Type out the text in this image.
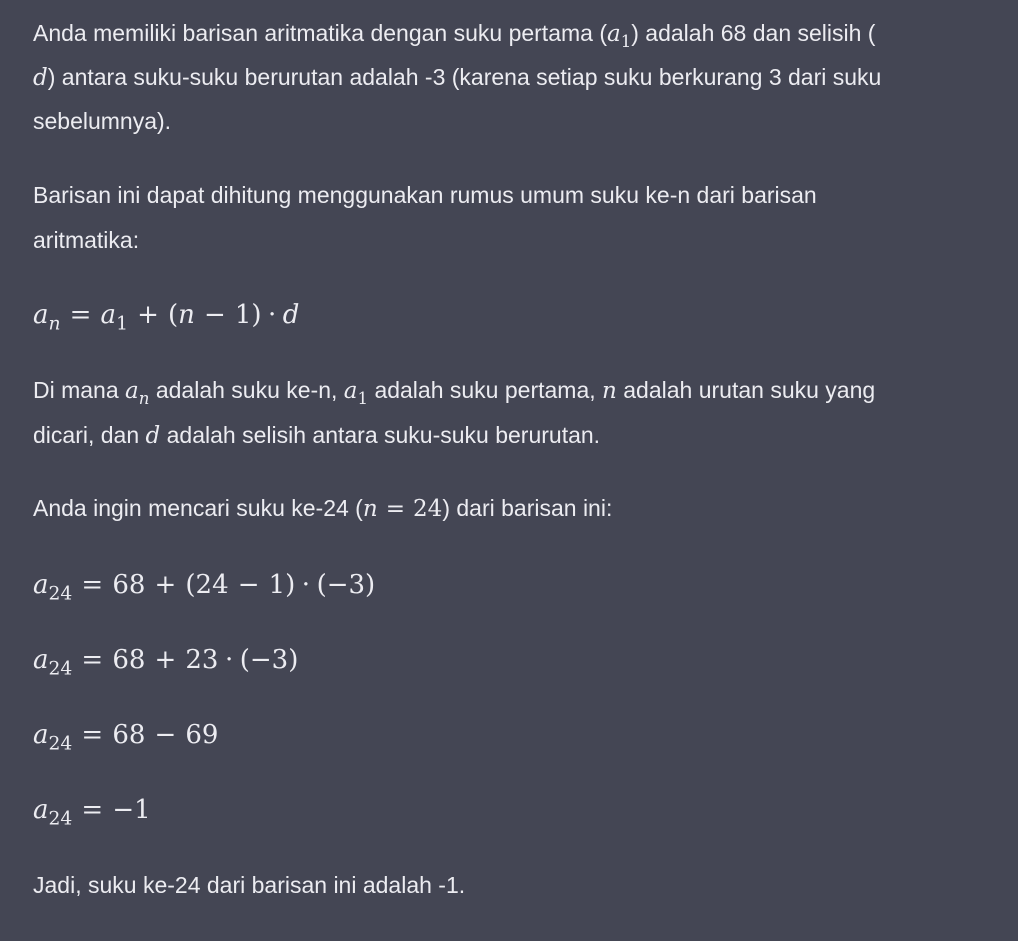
Anda memiliki barisan aritmatika dengan suku pertama $(a_1)$ adalah 68 dan selisih (

d) antara suku-suku berurutan adalah -3 (karena setiap suku berkurang 3 dari suku

sebelumnya).

Barisan ini dapat dihitung menggunakan rumus umum suku ke-n dari barisan

aritmatika:

$a_n = a_1 + (n - 1) \cdot d$

Di mana $a_n$ adalah suku ke-n, $a_1$ adalah suku pertama, n adalah urutan suku yang

dicari, dan d adalah selisih antara suku-suku berurutan.

Anda ingin mencari suku ke-24 (n = 24) dari barisan ini:

$a_{24} = 68 + (24 - 1) \cdot (-3)$
$a_{24} = 68 + 23 \cdot (-3)$
$a_{24} = 68 - 69$
$a_{24} = -1$

Jadi, suku ke-24 dari barisan ini adalah -1.
